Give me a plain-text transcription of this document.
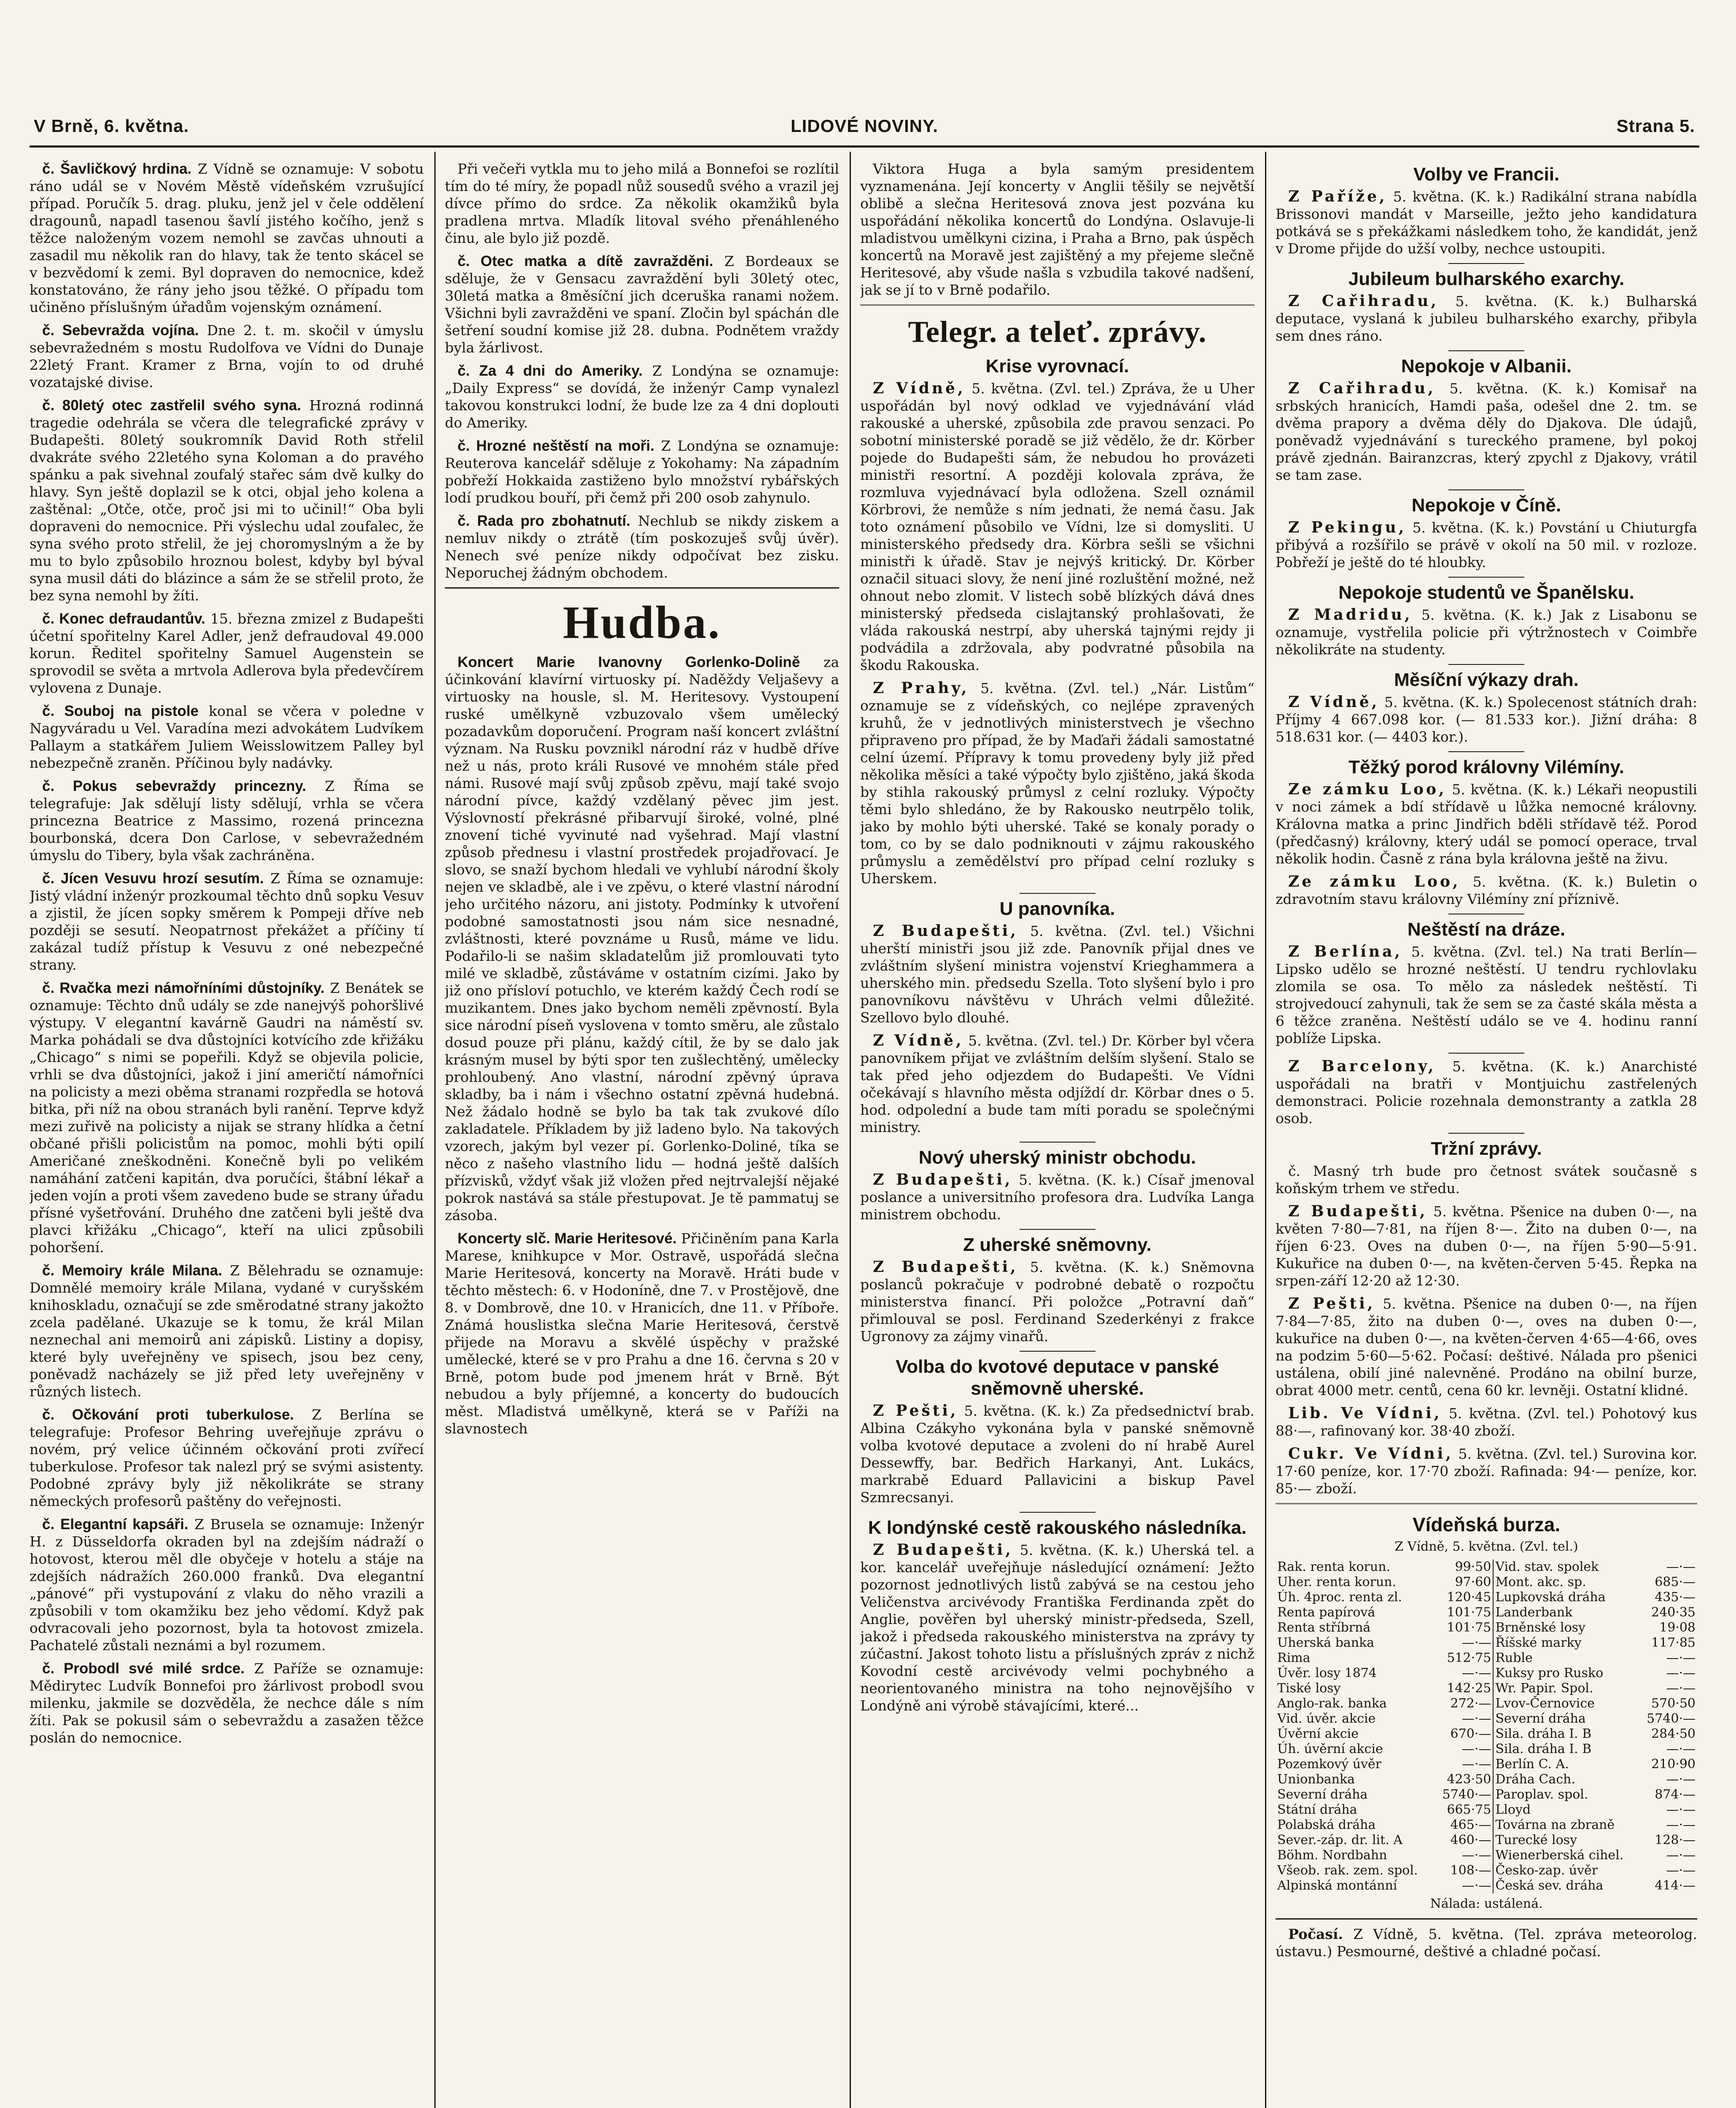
V Brně, 6. května.	LIDOVÉ NOVINY.	Strana 5.

č. Šavličkový hrdina. Z Vídně se oznamuje: V sobotu ráno udál se v Novém Městě vídeňském vzrušující případ. Poručík 5. drag. pluku, jenž jel v čele oddělení dragounů, napadl tasenou šavlí jistého kočího, jenž s těžce naloženým vozem nemohl se zavčas uhnouti a zasadil mu několik ran do hlavy, tak že tento skácel se v bezvědomí k zemi. Byl dopraven do nemocnice, kdež konstatováno, že rány jeho jsou těžké. O případu tom učiněno příslušným úřadům vojenským oznámení.

č. Sebevražda vojína. Dne 2. t. m. skočil v úmyslu sebevražedném s mostu Rudolfova ve Vídni do Dunaje 22letý Frant. Kramer z Brna, vojín to od druhé vozatajské divise.

č. 80letý otec zastřelil svého syna. Hrozná rodinná tragedie odehrála se včera dle telegrafické zprávy v Budapešti. 80letý soukromník David Roth střelil dvakráte svého 22letého syna Koloman a do pravého spánku a pak sivehnal zoufalý stařec sám dvě kulky do hlavy. Syn ještě doplazil se k otci, objal jeho kolena a zaštěnal: „Otče, otče, proč jsi mi to učinil!“ Oba byli dopraveni do nemocnice. Při výslechu udal zoufalec, že syna svého proto střelil, že jej choromyslným a že by mu to bylo způsobilo hroznou bolest, kdyby byl býval syna musil dáti do blázince a sám že se střelil proto, že bez syna nemohl by žíti.

č. Konec defraudantův. 15. března zmizel z Budapešti účetní spořitelny Karel Adler, jenž defraudoval 49.000 korun. Ředitel spořitelny Samuel Augenstein se sprovodil se světa a mrtvola Adlerova byla předevčírem vylovena z Dunaje.

č. Souboj na pistole konal se včera v poledne v Nagyváradu u Vel. Varadína mezi advokátem Ludvíkem Pallaym a statkářem Juliem Weisslowitzem Palley byl nebezpečně zraněn. Příčinou byly nadávky.

č. Pokus sebevraždy princezny. Z Říma se telegrafuje: Jak sdělují listy sdělují, vrhla se včera princezna Beatrice z Massimo, rozená princezna bourbonská, dcera Don Carlose, v sebevražedném úmyslu do Tibery, byla však zachráněna.

č. Jícen Vesuvu hrozí sesutím. Z Říma se oznamuje: Jistý vládní inženýr prozkoumal těchto dnů sopku Vesuv a zjistil, že jícen sopky směrem k Pompeji dříve neb později se sesutí. Neopatrnost překážet a příčiny tí zakázal tudíž přístup k Vesuvu z oné nebezpečné strany.

č. Rvačka mezi námořníními důstojníky. Z Benátek se oznamuje: Těchto dnů udály se zde nanejvýš pohoršlivé výstupy. V elegantní kavárně Gaudri na náměstí sv. Marka pohádali se dva důstojníci kotvícího zde křižáku „Chicago“ s nimi se popeřili. Když se objevila policie, vrhli se dva důstojníci, jakož i jiní američtí námořníci na policisty a mezi oběma stranami rozpředla se hotová bitka, při níž na obou stranách byli ranění. Teprve když mezi zuřivě na policisty a nijak se strany hlídka a četní občané přišli policistům na pomoc, mohli býti opilí Američané zneškodněni. Konečně byli po velikém namáhání zatčeni kapitán, dva poručíci, štábní lékař a jeden vojín a proti všem zavedeno bude se strany úřadu přísné vyšetřování. Druhého dne zatčeni byli ještě dva plavci křižáku „Chicago“, kteří na ulici způsobili pohoršení.

č. Memoiry krále Milana. Z Bělehradu se oznamuje: Domnělé memoiry krále Milana, vydané v curyšském knihoskladu, označují se zde směrodatné strany jakožto zcela padělané. Ukazuje se k tomu, že král Milan neznechal ani memoirů ani zápisků. Listiny a dopisy, které byly uveřejněny ve spisech, jsou bez ceny, poněvadž nacházely se již před lety uveřejněny v různých listech.

č. Očkování proti tuberkulose. Z Berlína se telegrafuje: Profesor Behring uveřejňuje zprávu o novém, prý velice účinném očkování proti zvířecí tuberkulose. Profesor tak nalezl prý se svými asistenty. Podobné zprávy byly již několikráte se strany německých profesorů paštěny do veřejnosti.

č. Elegantní kapsáři. Z Brusela se oznamuje: Inženýr H. z Düsseldorfa okraden byl na zdejším nádraží o hotovost, kterou měl dle obyčeje v hotelu a stáje na zdejších nádražích 260.000 franků. Dva elegantní „pánové“ při vystupování z vlaku do něho vrazili a způsobili v tom okamžiku bez jeho vědomí. Když pak odvracovali jeho pozornost, byla ta hotovost zmizela. Pachatelé zůstali neznámi a byl rozumem.

č. Probodl své milé srdce. Z Paříže se oznamuje: Mědirytec Ludvík Bonnefoi pro žárlivost probodl svou milenku, jakmile se dozvěděla, že nechce dále s ním žíti. Pak se pokusil sám o sebevraždu a zasažen těžce poslán do nemocnice.

Při večeři vytkla mu to jeho milá a Bonnefoi se rozlítil tím do té míry, že popadl nůž sousedů svého a vrazil jej dívce přímo do srdce. Za několik okamžiků byla pradlena mrtva. Mladík litoval svého přenáhleného činu, ale bylo již pozdě.

č. Otec matka a dítě zavražděni. Z Bordeaux se sděluje, že v Gensacu zavraždění byli 30letý otec, 30letá matka a 8měsíční jich dceruška ranami nožem. Všichni byli zavražděni ve spaní. Zločin byl spáchán dle šetření soudní komise již 28. dubna. Podnětem vraždy byla žárlivost.

č. Za 4 dni do Ameriky. Z Londýna se oznamuje: „Daily Express“ se dovídá, že inženýr Camp vynalezl takovou konstrukci lodní, že bude lze za 4 dni doplouti do Ameriky.

č. Hrozné neštěstí na moři. Z Londýna se oznamuje: Reuterova kancelář sděluje z Yokohamy: Na západním pobřeží Hokkaida zastiženo bylo množství rybářských lodí prudkou bouří, při čemž při 200 osob zahynulo.

č. Rada pro zbohatnutí. Nechlub se nikdy ziskem a nemluv nikdy o ztrátě (tím poskozuješ svůj úvěr). Nenech své peníze nikdy odpočívat bez zisku. Neporuchej žádným obchodem.

Hudba.

Koncert Marie Ivanovny Gorlenko-Dolině za účinkování klavírní virtuosky pí. Naděždy Veljaševy a virtuosky na housle, sl. M. Heritesovy. Vystoupení ruské umělkyně vzbuzovalo všem umělecký pozadavkům doporučení. Program naší koncert zvláštní význam. Na Rusku povznikl národní ráz v hudbě dříve než u nás, proto králi Rusové ve mnohém stále před námi. Rusové mají svůj způsob zpěvu, mají také svojo národní pívce, každý vzdělaný pěvec jim jest. Výslovností překrásné přibarvují široké, volné, plné znovení tiché vyvinuté nad vyšehrad. Mají vlastní způsob přednesu i vlastní prostředek projadřovací. Je slovo, se snaží bychom hledali ve vyhlubí národní školy nejen ve skladbě, ale i ve zpěvu, o které vlastní národní jeho určitého názoru, ani jistoty. Podmínky k utvoření podobné samostatnosti jsou nám sice nesnadné, zvláštnosti, které povznáme u Rusů, máme ve lidu. Podařilo-li se našim skladatelům již promlouvati tyto milé ve skladbě, zůstáváme v ostatním cizími. Jako by již ono přísloví potuchlo, ve kterém každý Čech rodí se muzikantem. Dnes jako bychom neměli zpěvností. Byla sice národní píseň vyslovena v tomto směru, ale zůstalo dosud pouze při plánu, každý cítil, že by se dalo jak krásným musel by býti spor ten zušlechtěný, umělecky prohloubený. Ano vlastní, národní zpěvný úprava skladby, ba i nám i všechno ostatní zpěvná hudebná. Než žádalo hodně se bylo ba tak tak zvukové dílo zakladatele. Příkladem by již ladeno bylo. Na takových vzorech, jakým byl vezer pí. Gorlenko-Doliné, tíka se něco z našeho vlastního lidu — hodná ještě dalších přízvisků, vždyť však již vložen před nejtrvalejší nějaké pokrok nastává sa stále přestupovat. Je tě pammatuj se zásoba.

Koncerty slč. Marie Heritesové. Přičiněním pana Karla Marese, knihkupce v Mor. Ostravě, uspořádá slečna Marie Heritesová, koncerty na Moravě. Hráti bude v těchto městech: 6. v Hodoníně, dne 7. v Prostějově, dne 8. v Dombrově, dne 10. v Hranicích, dne 11. v Příboře. Známá houslistka slečna Marie Heritesová, čerstvě přijede na Moravu a skvělé úspěchy v pražské umělecké, které se v pro Prahu a dne 16. června s 20 v Brně, potom bude pod jmenem hrát v Brně. Být nebudou a byly příjemné, a koncerty do budoucích měst. Mladistvá umělkyně, která se v Paříži na slavnostech

Viktora Huga a byla samým presidentem vyznamenána. Její koncerty v Anglii těšily se největší oblibě a slečna Heritesová znova jest pozvána ku uspořádání několika koncertů do Londýna. Oslavuje-li mladistvou umělkyni cizina, i Praha a Brno, pak úspěch koncertů na Moravě jest zajištěný a my přejeme slečně Heritesové, aby všude našla s vzbudila takové nadšení, jak se jí to v Brně podařilo.

Telegr. a teleť. zprávy.
Krise vyrovnací.

Z Vídně, 5. května. (Zvl. tel.) Zpráva, že u Uher uspořádán byl nový odklad ve vyjednávání vlád rakouské a uherské, způsobila zde pravou senzaci. Po sobotní ministerské poradě se již vědělo, že dr. Körber pojede do Budapešti sám, že nebudou ho provázeti ministři resortní. A později kolovala zpráva, že rozmluva vyjednávací byla odložena. Szell oznámil Körbrovi, že nemůže s ním jednati, že nemá času. Jak toto oznámení působilo ve Vídni, lze si domysliti. U ministerského předsedy dra. Körbra sešli se všichni ministři k úřadě. Stav je nejvýš kritický. Dr. Körber označil situaci slovy, že není jiné rozluštění možné, než ohnout nebo zlomit. V listech sobě blízkých dává dnes ministerský předseda cislajtanský prohlašovati, že vláda rakouská nestrpí, aby uherská tajnými rejdy ji podvádila a zdržovala, aby podvratné působila na škodu Rakouska.

Z Prahy, 5. května. (Zvl. tel.) „Nár. Listům“ oznamuje se z vídeňských, co nejlépe zpravených kruhů, že v jednotlivých ministerstvech je všechno připraveno pro případ, že by Maďaři žádali samostatné celní území. Přípravy k tomu provedeny byly již před několika měsíci a také výpočty bylo zjištěno, jaká škoda by stihla rakouský průmysl z celní rozluky. Výpočty těmi bylo shledáno, že by Rakousko neutrpělo tolik, jako by mohlo býti uherské. Také se konaly porady o tom, co by se dalo podniknouti v zájmu rakouského průmyslu a zemědělství pro případ celní rozluky s Uherskem.

U panovníka.

Z Budapešti, 5. května. (Zvl. tel.) Všichni uherští ministři jsou již zde. Panovník přijal dnes ve zvláštním slyšení ministra vojenství Krieghammera a uherského min. předsedu Szella. Toto slyšení bylo i pro panovníkovu návštěvu v Uhrách velmi důležité. Szellovo bylo dlouhé.

Z Vídně, 5. května. (Zvl. tel.) Dr. Körber byl včera panovníkem přijat ve zvláštním delším slyšení. Stalo se tak před jeho odjezdem do Budapešti. Ve Vídni očekávají s hlavního města odjíždí dr. Körbar dnes o 5. hod. odpolední a bude tam míti poradu se společnými ministry.

Nový uherský ministr obchodu.

Z Budapešti, 5. května. (K. k.) Císař jmenoval poslance a universitního profesora dra. Ludvíka Langa ministrem obchodu.

Z uherské sněmovny.

Z Budapešti, 5. května. (K. k.) Sněmovna poslanců pokračuje v podrobné debatě o rozpočtu ministerstva financí. Při položce „Potravní daň“ přimlouval se posl. Ferdinand Szederkényi z frakce Ugronovy za zájmy vinařů.

Volba do kvotové deputace v panské sněmovně uherské.

Z Pešti, 5. května. (K. k.) Za předsednictví brab. Albina Czákyho vykonána byla v panské sněmovně volba kvotové deputace a zvoleni do ní hrabě Aurel Dessewffy, bar. Bedřich Harkanyi, Ant. Lukács, markrabě Eduard Pallavicini a biskup Pavel Szmrecsanyi.

K londýnské cestě rakouského následníka.

Z Budapešti, 5. května. (K. k.) Uherská tel. a kor. kancelář uveřejňuje následující oznámení: Ježto pozornost jednotlivých listů zabývá se na cestou jeho Veličenstva arcivévody Františka Ferdinanda zpět do Anglie, pověřen byl uherský ministr-předseda, Szell, jakož i předseda rakouského ministerstva na zprávy ty zúčastní. Jakost tohoto listu a příslušných zpráv z nichž Kovodní cestě arcivévody velmi pochybného a neorientovaného ministra na toho nejnovějšího v Londýně ani výrobě stávajícími, které...

Volby ve Francii.

Z Paříže, 5. května. (K. k.) Radikální strana nabídla Brissonovi mandát v Marseille, ježto jeho kandidatura potkává se s překážkami následkem toho, že kandidát, jenž v Drome přijde do užší volby, nechce ustoupiti.

Jubileum bulharského exarchy.

Z Cařihradu, 5. května. (K. k.) Bulharská deputace, vyslaná k jubileu bulharského exarchy, přibyla sem dnes ráno.

Nepokoje v Albanii.

Z Cařihradu, 5. května. (K. k.) Komisař na srbských hranicích, Hamdi paša, odešel dne 2. tm. se dvěma prapory a dvěma děly do Djakova. Dle údajů, poněvadž vyjednávání s tureckého pramene, byl pokoj právě zjednán. Bairanzcras, který zpychl z Djakovy, vrátil se tam zase.

Nepokoje v Číně.

Z Pekingu, 5. května. (K. k.) Povstání u Chiuturgfa přibývá a rozšířilo se právě v okolí na 50 mil. v rozloze. Pobřeží je ještě do té hloubky.

Nepokoje studentů ve Španělsku.

Z Madridu, 5. května. (K. k.) Jak z Lisabonu se oznamuje, vystřelila policie při výtržnostech v Coimbře několikráte na studenty.

Měsíční výkazy drah.

Z Vídně, 5. května. (K. k.) Spolecenost státních drah: Příjmy 4 667.098 kor. (— 81.533 kor.). Jižní dráha: 8 518.631 kor. (— 4403 kor.).

Těžký porod královny Vilémíny.

Ze zámku Loo, 5. května. (K. k.) Lékaři neopustili v noci zámek a bdí střídavě u lůžka nemocné královny. Královna matka a princ Jindřich bděli střídavě též. Porod (předčasný) královny, který udál se pomocí operace, trval několik hodin. Časně z rána byla královna ještě na živu.

Ze zámku Loo, 5. května. (K. k.) Buletin o zdravotním stavu královny Vilémíny zní příznivě.

Neštěstí na dráze.

Z Berlína, 5. května. (Zvl. tel.) Na trati Berlín—Lipsko udělo se hrozné neštěstí. U tendru rychlovlaku zlomila se osa. To mělo za následek neštěstí. Ti strojvedoucí zahynuli, tak že sem se za časté skála města a 6 těžce zraněna. Neštěstí událo se ve 4. hodinu ranní poblíže Lipska.

Z Barcelony, 5. května. (K. k.) Anarchisté uspořádali na bratři v Montjuichu zastřelených demonstraci. Policie rozehnala demonstranty a zatkla 28 osob.

Tržní zprávy.

č. Masný trh bude pro četnost svátek současně s koňským trhem ve středu.

Z Budapešti, 5. května. Pšenice na duben 0·—, na květen 7·80—7·81, na říjen 8·—. Žito na duben 0·—, na říjen 6·23. Oves na duben 0·—, na říjen 5·90—5·91. Kukuřice na duben 0·—, na květen-červen 5·45. Řepka na srpen-září 12·20 až 12·30.

Z Pešti, 5. května. Pšenice na duben 0·—, na říjen 7·84—7·85, žito na duben 0·—, oves na duben 0·—, kukuřice na duben 0·—, na květen-červen 4·65—4·66, oves na podzim 5·60—5·62. Počasí: deštivé. Nálada pro pšenici ustálena, obilí jiné nalevněné. Prodáno na obilní burze, obrat 4000 metr. centů, cena 60 kr. levněji. Ostatní klidné.

Lib. Ve Vídni, 5. května. (Zvl. tel.) Pohotový kus 88·—, rafinovaný kor. 38·40 zboží.

Cukr. Ve Vídni, 5. května. (Zvl. tel.) Surovina kor. 17·60 peníze, kor. 17·70 zboží. Rafinada: 94·— peníze, kor. 85·— zboží.

Vídeňská burza.
Z Vídně, 5. května. (Zvl. tel.)
Rak. renta korun.	99·50	Vid. stav. spolek	—·—
Uher. renta korun.	97·60	Mont. akc. sp.	685·—
Úh. 4proc. renta zl.	120·45	Lupkovská dráha	435·—
Renta papírová	101·75	Landerbank	240·35
Renta stříbrná	101·75	Brněnské losy	19·08
Uherská banka	—·—	Říšské marky	117·85
Rima	512·75	Ruble	—·—
Úvěr. losy 1874	—·—	Kuksy pro Rusko	—·—
Tiské losy	142·25	Wr. Papir. Spol.	—·—
Anglo-rak. banka	272·—	Lvov-Černovice	570·50
Vid. úvěr. akcie	—·—	Severní dráha	5740·—
Úvěrní akcie	670·—	Sila. dráha I. B	284·50
Úh. úvěrní akcie	—·—	Sila. dráha I. B	—·—
Pozemkový úvěr	—·—	Berlín C. A.	210·90
Unionbanka	423·50	Dráha Cach.	—·—
Severní dráha	5740·—	Paroplav. spol.	874·—
Státní dráha	665·75	Lloyd	—·—
Polabská dráha	465·—	Továrna na zbraně	—·—
Sever.-záp. dr. lit. A	460·—	Turecké losy	128·—
Böhm. Nordbahn	—·—	Wienerberská cihel.	—·—
Všeob. rak. zem. spol.	108·—	Česko-zap. úvěr	—·—
Alpinská montánní	—·—	Česká sev. dráha	414·—
Nálada: ustálená.

Počasí. Z Vídně, 5. května. (Tel. zpráva meteorolog. ústavu.) Pesmourné, deštivé a chladné počasí.
